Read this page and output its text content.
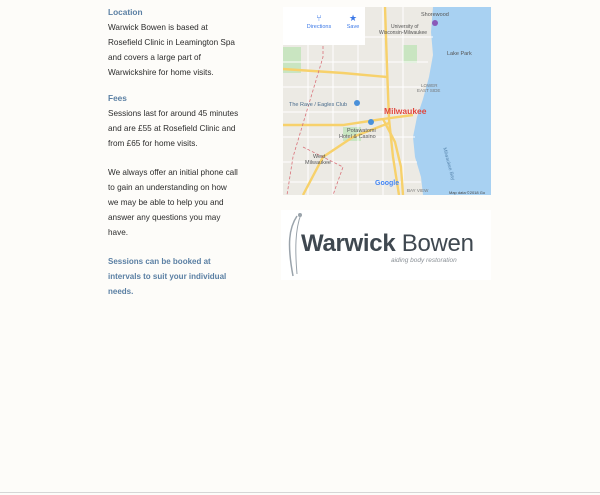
Location

Warwick Bowen is based at

Rosefield Clinic in Leamington Spa

and covers a large part of

Warwickshire for home visits.

Fees

Sessions last for around 45 minutes

and are £55 at Rosefield Clinic and

from £65 for home visits.

We always offer an initial phone call

to gain an understanding on how

we may be able to help you and

answer any questions you may

have.

Sessions can be booked at

intervals to suit your individual

needs.

⑂
Directions
★
Save
Shorewood
University of
Wisconsin-Milwaukee
Lake Park
LOWER
EAST SIDE
The Rave / Eagles Club
Milwaukee
Potawatomi
Hotel & Casino
West
Milwaukee
BAY VIEW
Milwaukee Bay
Google
Map data ©2018 Go
Warwick Bowen
aiding body restoration
